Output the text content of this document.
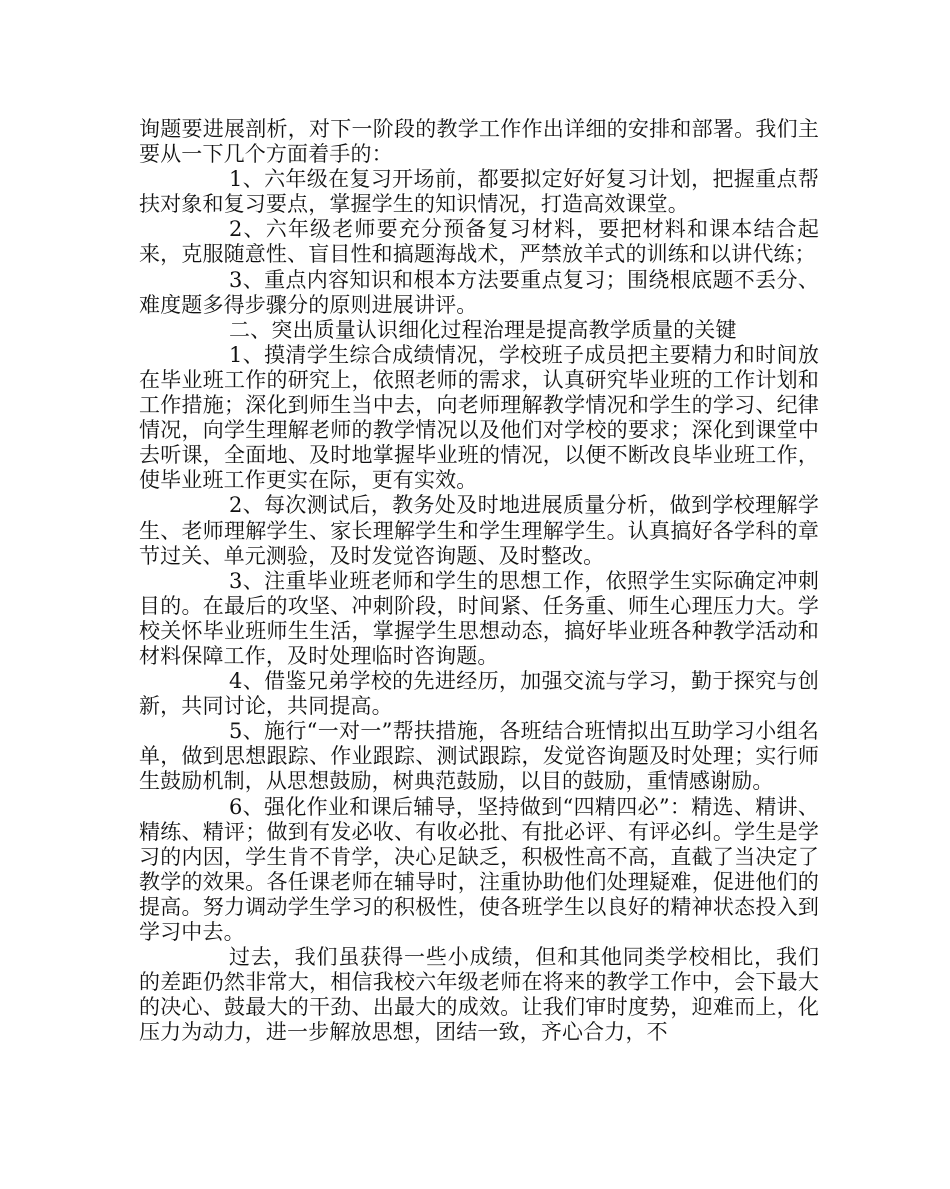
询题要进展剖析，对下一阶段的教学工作作出详细的安排和部署。我们主要从一下几个方面着手的：

1、六年级在复习开场前，都要拟定好好复习计划，把握重点帮扶对象和复习要点，掌握学生的知识情况，打造高效课堂。

2、六年级老师要充分预备复习材料，要把材料和课本结合起来，克服随意性、盲目性和搞题海战术，严禁放羊式的训练和以讲代练；

3、重点内容知识和根本方法要重点复习；围绕根底题不丢分、难度题多得步骤分的原则进展讲评。

二、突出质量认识细化过程治理是提高教学质量的关键

1、摸清学生综合成绩情况，学校班子成员把主要精力和时间放在毕业班工作的研究上，依照老师的需求，认真研究毕业班的工作计划和工作措施；深化到师生当中去，向老师理解教学情况和学生的学习、纪律情况，向学生理解老师的教学情况以及他们对学校的要求；深化到课堂中去听课，全面地、及时地掌握毕业班的情况，以便不断改良毕业班工作，使毕业班工作更实在际，更有实效。

2、每次测试后，教务处及时地进展质量分析，做到学校理解学生、老师理解学生、家长理解学生和学生理解学生。认真搞好各学科的章节过关、单元测验，及时发觉咨询题、及时整改。

3、注重毕业班老师和学生的思想工作，依照学生实际确定冲刺目的。在最后的攻坚、冲刺阶段，时间紧、任务重、师生心理压力大。学校关怀毕业班师生生活，掌握学生思想动态，搞好毕业班各种教学活动和材料保障工作，及时处理临时咨询题。

4、借鉴兄弟学校的先进经历，加强交流与学习，勤于探究与创新，共同讨论，共同提高。

5、施行“一对一”帮扶措施，各班结合班情拟出互助学习小组名单，做到思想跟踪、作业跟踪、测试跟踪，发觉咨询题及时处理；实行师生鼓励机制，从思想鼓励，树典范鼓励，以目的鼓励，重情感谢励。

6、强化作业和课后辅导，坚持做到“四精四必”：精选、精讲、精练、精评；做到有发必收、有收必批、有批必评、有评必纠。学生是学习的内因，学生肯不肯学，决心足缺乏，积极性高不高，直截了当决定了教学的效果。各任课老师在辅导时，注重协助他们处理疑难，促进他们的提高。努力调动学生学习的积极性，使各班学生以良好的精神状态投入到学习中去。

过去，我们虽获得一些小成绩，但和其他同类学校相比，我们的差距仍然非常大，相信我校六年级老师在将来的教学工作中，会下最大的决心、鼓最大的干劲、出最大的成效。让我们审时度势，迎难而上，化压力为动力，进一步解放思想，团结一致，齐心合力，不
